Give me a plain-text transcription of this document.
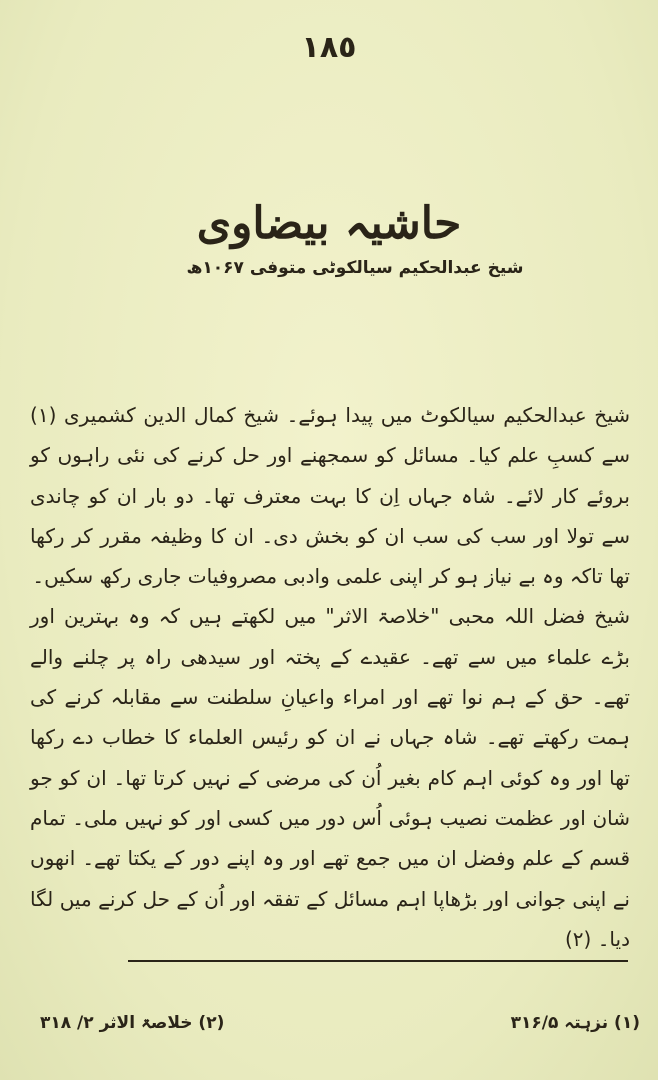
١٨٥
حاشیہ بیضاوی
شیخ عبدالحکیم سیالکوٹی متوفی ۱۰۶۷ھ

شیخ عبدالحکیم سیالکوٹ میں پیدا ہوئے۔ شیخ کمال الدین کشمیری (۱) سے کسبِ علم کیا۔ مسائل کو سمجھنے اور حل کرنے کی نئی راہوں کو بروئے کار لائے۔ شاہ جہاں اِن کا بہت معترف تھا۔ دو بار ان کو چاندی سے تولا اور سب کی سب ان کو بخش دی۔ ان کا وظیفہ مقرر کر رکھا تھا تاکہ وہ بے نیاز ہو کر اپنی علمی وادبی مصروفیات جاری رکھ سکیں۔

شیخ فضل اللہ محبی "خلاصۃ الاثر" میں لکھتے ہیں کہ وہ بہترین اور بڑے علماء میں سے تھے۔ عقیدے کے پختہ اور سیدھی راہ پر چلنے والے تھے۔ حق کے ہم نوا تھے اور امراء واعیانِ سلطنت سے مقابلہ کرنے کی ہمت رکھتے تھے۔ شاہ جہاں نے ان کو رئیس العلماء کا خطاب دے رکھا تھا اور وہ کوئی اہم کام بغیر اُن کی مرضی کے نہیں کرتا تھا۔ ان کو جو شان اور عظمت نصیب ہوئی اُس دور میں کسی اور کو نہیں ملی۔ تمام قسم کے علم وفضل ان میں جمع تھے اور وہ اپنے دور کے یکتا تھے۔ انھوں نے اپنی جوانی اور بڑھاپا اہم مسائل کے تفقہ اور اُن کے حل کرنے میں لگا دیا۔ (۲)

(۱) نزہتہ ۳۱۶/۵
(۲) خلاصۃ الاثر ۲/ ۳۱۸
